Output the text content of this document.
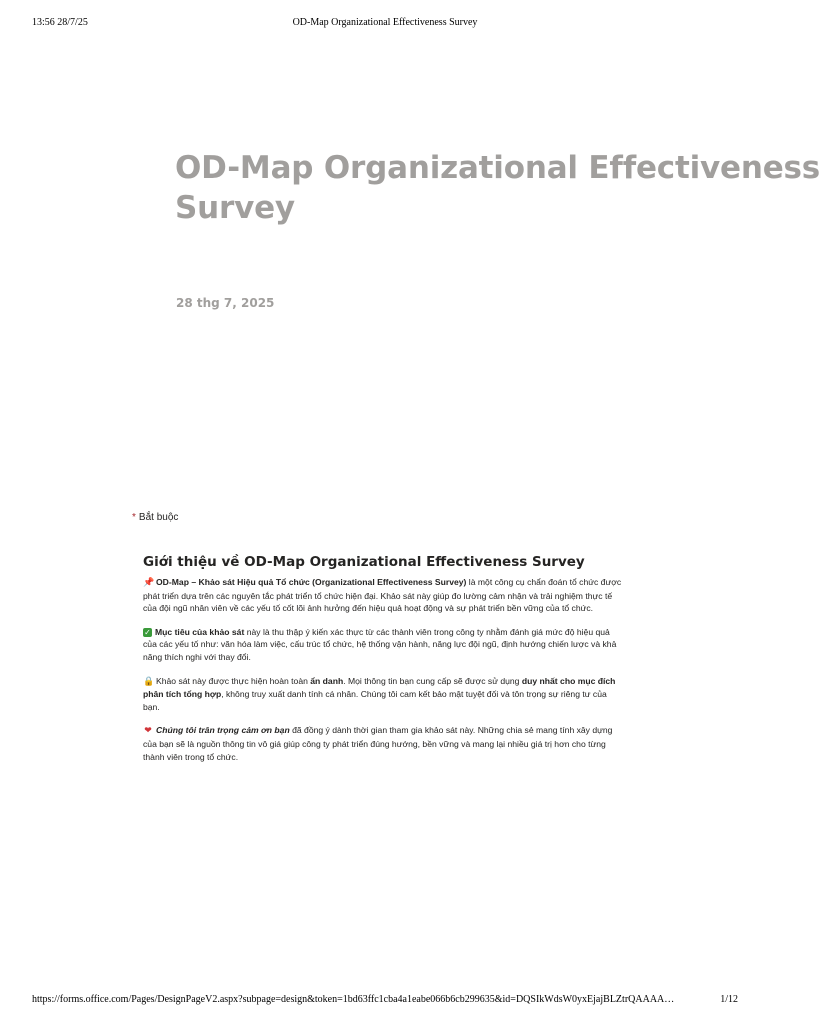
13:56 28/7/25	OD-Map Organizational Effectiveness Survey
OD-Map Organizational Effectiveness
Survey
28 thg 7, 2025
* Bắt buộc
Giới thiệu về OD-Map Organizational Effectiveness Survey

📌 OD-Map – Khảo sát Hiệu quả Tổ chức (Organizational Effectiveness Survey) là một công cụ chẩn đoán tổ chức được phát triển dựa trên các nguyên tắc phát triển tổ chức hiện đại. Khảo sát này giúp đo lường cảm nhận và trải nghiệm thực tế của đội ngũ nhân viên về các yếu tố cốt lõi ảnh hưởng đến hiệu quả hoạt động và sự phát triển bền vững của tổ chức.

✓ Mục tiêu của khảo sát này là thu thập ý kiến xác thực từ các thành viên trong công ty nhằm đánh giá mức độ hiệu quả của các yếu tố như: văn hóa làm việc, cấu trúc tổ chức, hệ thống vận hành, năng lực đội ngũ, định hướng chiến lược và khả năng thích nghi với thay đổi.

🔒 Khảo sát này được thực hiện hoàn toàn ẩn danh. Mọi thông tin bạn cung cấp sẽ được sử dụng duy nhất cho mục đích phân tích tổng hợp, không truy xuất danh tính cá nhân. Chúng tôi cam kết bảo mật tuyệt đối và tôn trọng sự riêng tư của bạn.

❤ Chúng tôi trân trọng cảm ơn bạn đã đồng ý dành thời gian tham gia khảo sát này. Những chia sẻ mang tính xây dựng của bạn sẽ là nguồn thông tin vô giá giúp công ty phát triển đúng hướng, bền vững và mang lại nhiều giá trị hơn cho từng thành viên trong tổ chức.

https://forms.office.com/Pages/DesignPageV2.aspx?subpage=design&token=1bd63ffc1cba4a1eabe066b6cb299635&id=DQSIkWdsW0yxEjajBLZtrQAAAA…	1/12
